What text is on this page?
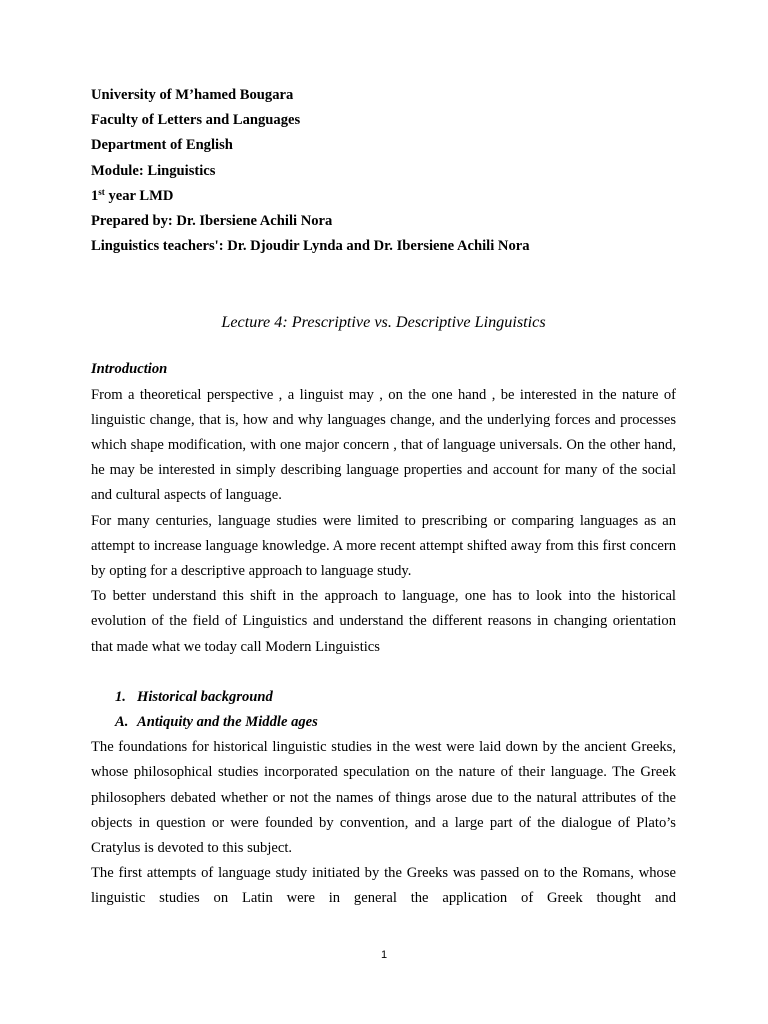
University of M’hamed Bougara
Faculty of Letters and Languages
Department of English
Module: Linguistics
1st year LMD
Prepared by: Dr. Ibersiene Achili Nora
Linguistics teachers': Dr. Djoudir Lynda and Dr. Ibersiene Achili Nora
Lecture 4: Prescriptive vs. Descriptive Linguistics
Introduction

From a theoretical perspective , a linguist may , on the one hand , be interested in the nature of linguistic change, that is, how and why languages change, and the underlying forces and processes which shape modification, with one major concern , that of language universals. On the other hand, he may be interested in simply describing language properties and account for many of the social and cultural aspects of language.

For many centuries, language studies were limited to prescribing or comparing languages as an attempt to increase language knowledge. A more recent attempt shifted away from this first concern by opting for a descriptive approach to language study.

To better understand this shift in the approach to language, one has to look into the historical evolution of the field of Linguistics and understand the different reasons in changing orientation that made what we today call Modern Linguistics

1. Historical background
A. Antiquity and the Middle ages

The foundations for historical linguistic studies in the west were laid down by the ancient Greeks, whose philosophical studies incorporated speculation on the nature of their language. The Greek philosophers debated whether or not the names of things arose due to the natural attributes of the objects in question or were founded by convention, and a large part of the dialogue of Plato’s Cratylus is devoted to this subject.

The first attempts of language study initiated by the Greeks was passed on to the Romans, whose linguistic studies on Latin were in general the application of Greek thought and

1
